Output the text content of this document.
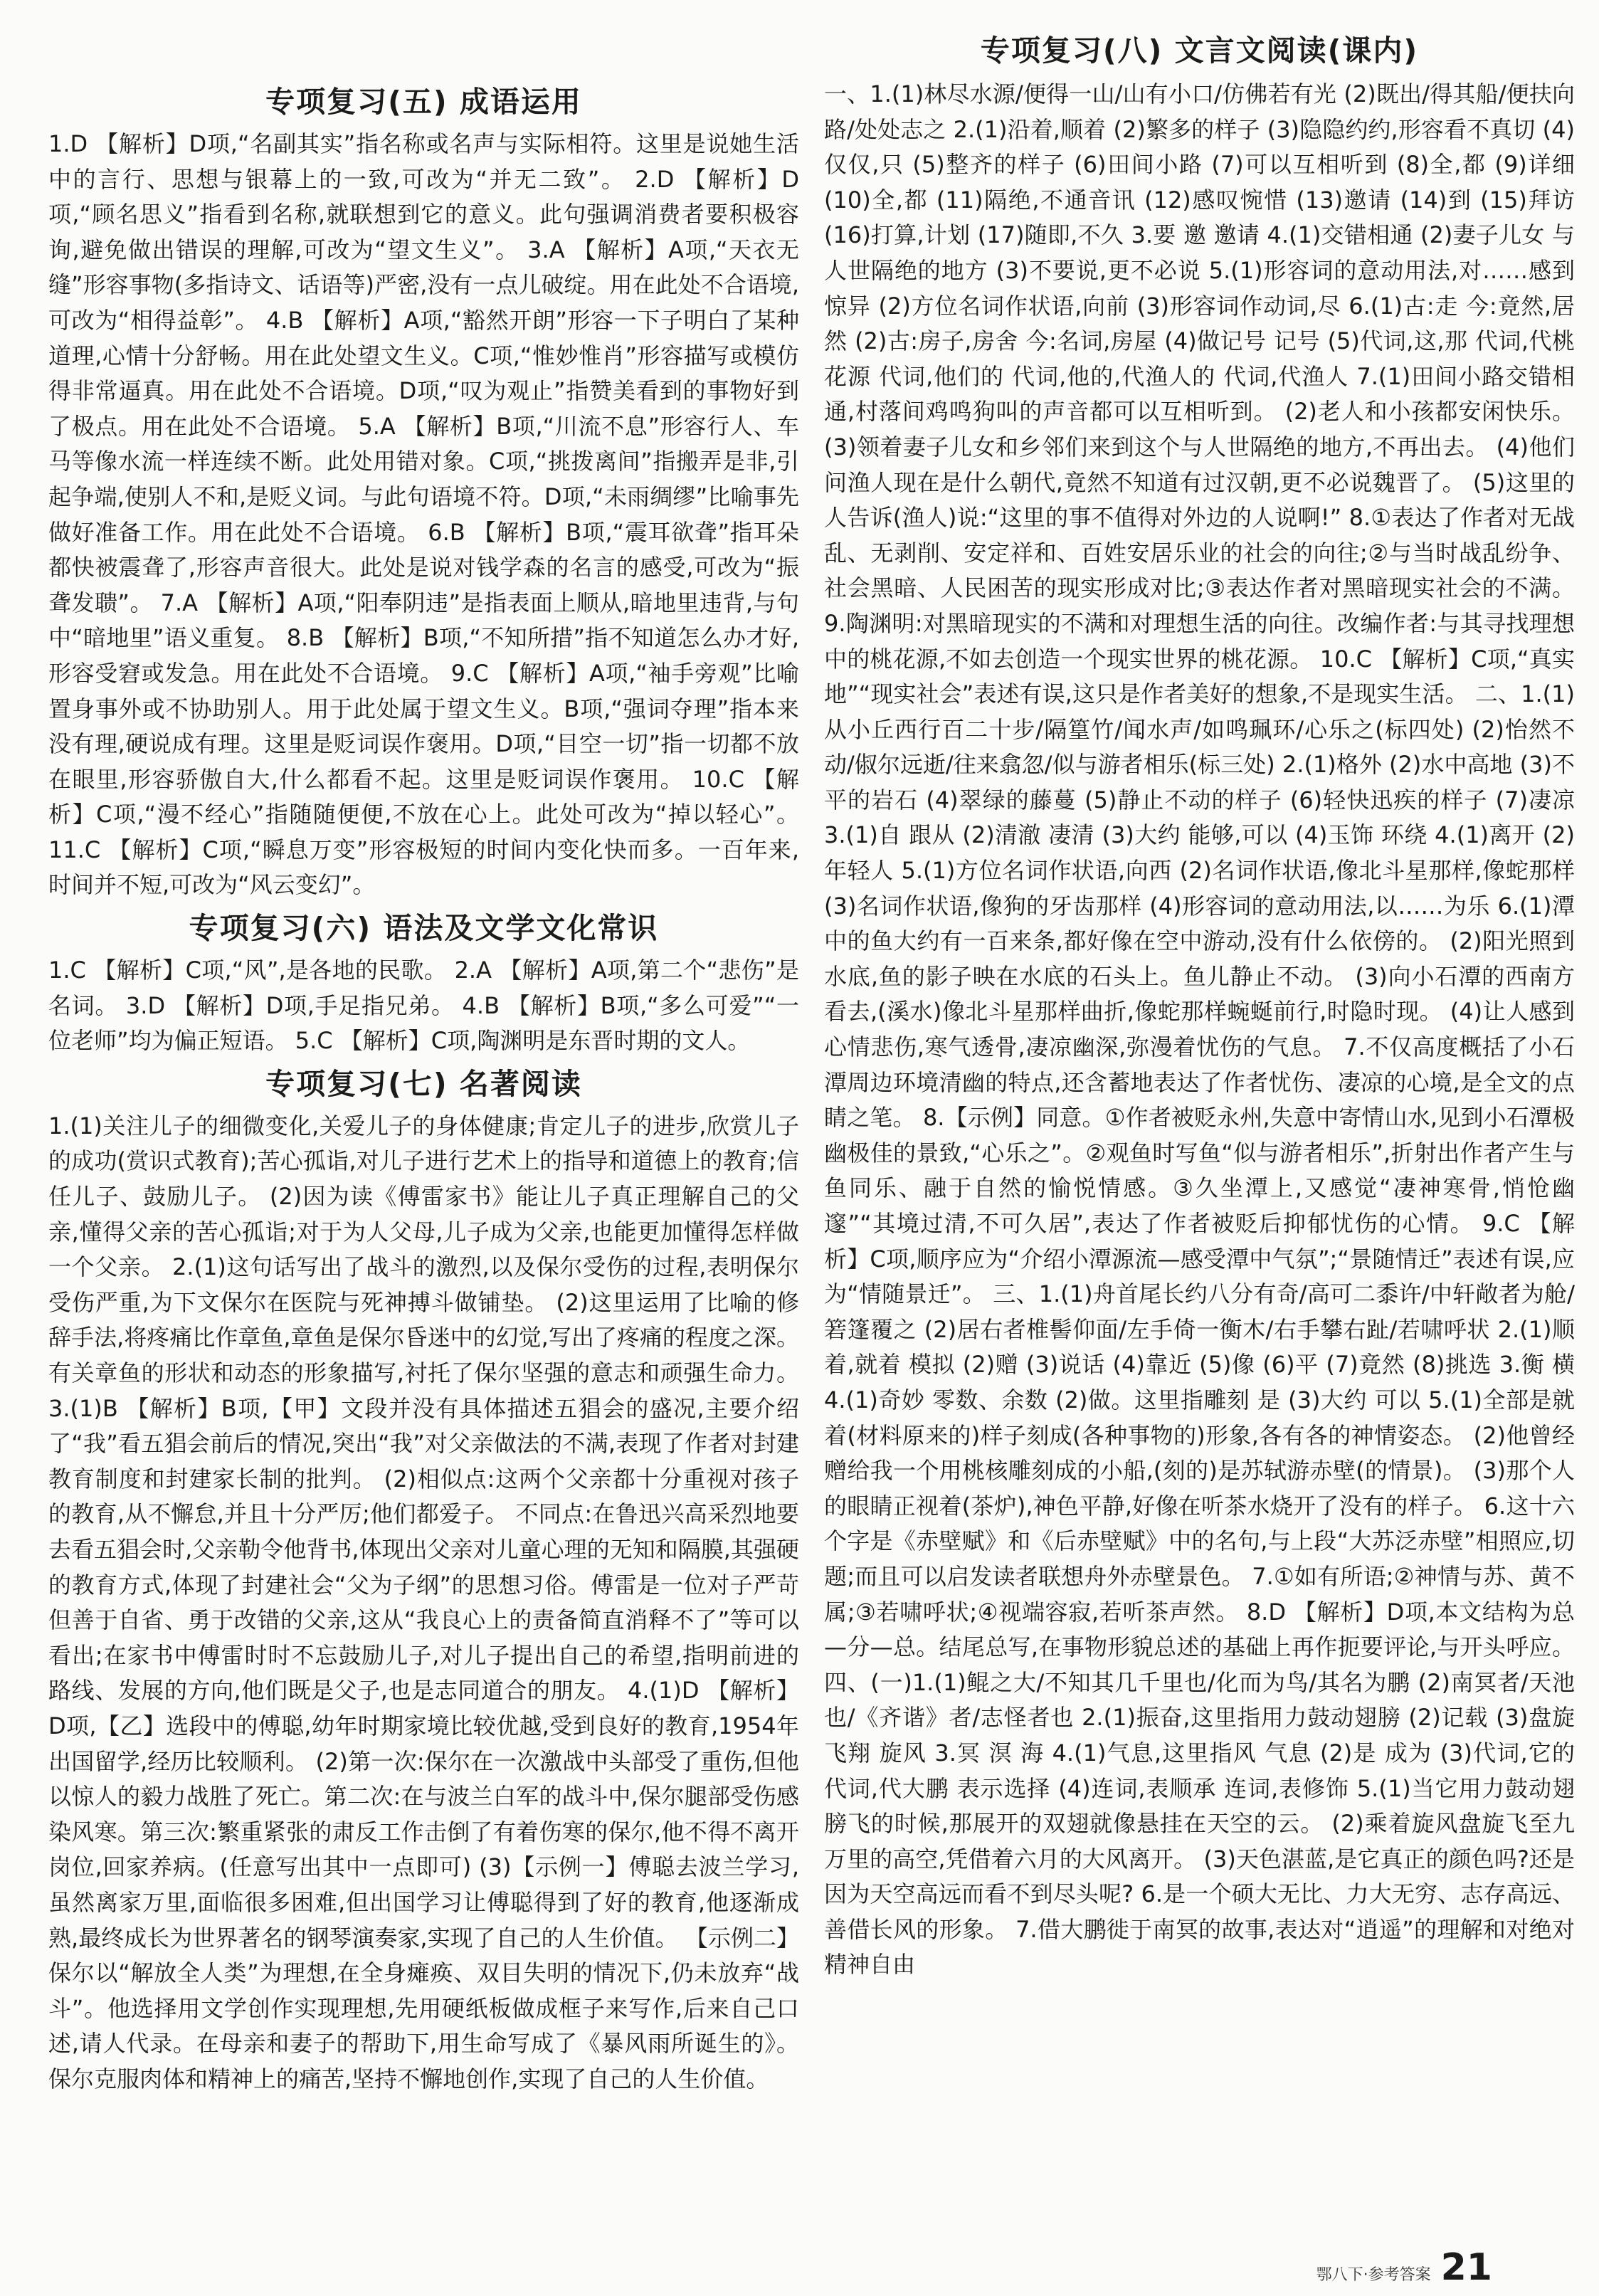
专项复习(五) 成语运用

1.D 【解析】D项,“名副其实”指名称或名声与实际相符。这里是说她生活中的言行、思想与银幕上的一致,可改为“并无二致”。 2.D 【解析】D项,“顾名思义”指看到名称,就联想到它的意义。此句强调消费者要积极容询,避免做出错误的理解,可改为“望文生义”。 3.A 【解析】A项,“天衣无缝”形容事物(多指诗文、话语等)严密,没有一点儿破绽。用在此处不合语境,可改为“相得益彰”。 4.B 【解析】A项,“豁然开朗”形容一下子明白了某种道理,心情十分舒畅。用在此处望文生义。C项,“惟妙惟肖”形容描写或模仿得非常逼真。用在此处不合语境。D项,“叹为观止”指赞美看到的事物好到了极点。用在此处不合语境。 5.A 【解析】B项,“川流不息”形容行人、车马等像水流一样连续不断。此处用错对象。C项,“挑拨离间”指搬弄是非,引起争端,使别人不和,是贬义词。与此句语境不符。D项,“未雨绸缪”比喻事先做好准备工作。用在此处不合语境。 6.B 【解析】B项,“震耳欲聋”指耳朵都快被震聋了,形容声音很大。此处是说对钱学森的名言的感受,可改为“振聋发聩”。 7.A 【解析】A项,“阳奉阴违”是指表面上顺从,暗地里违背,与句中“暗地里”语义重复。 8.B 【解析】B项,“不知所措”指不知道怎么办才好,形容受窘或发急。用在此处不合语境。 9.C 【解析】A项,“袖手旁观”比喻置身事外或不协助别人。用于此处属于望文生义。B项,“强词夺理”指本来没有理,硬说成有理。这里是贬词误作褒用。D项,“目空一切”指一切都不放在眼里,形容骄傲自大,什么都看不起。这里是贬词误作褒用。 10.C 【解析】C项,“漫不经心”指随随便便,不放在心上。此处可改为“掉以轻心”。 11.C 【解析】C项,“瞬息万变”形容极短的时间内变化快而多。一百年来,时间并不短,可改为“风云变幻”。

专项复习(六) 语法及文学文化常识

1.C 【解析】C项,“风”,是各地的民歌。 2.A 【解析】A项,第二个“悲伤”是名词。 3.D 【解析】D项,手足指兄弟。 4.B 【解析】B项,“多么可爱”“一位老师”均为偏正短语。 5.C 【解析】C项,陶渊明是东晋时期的文人。

专项复习(七) 名著阅读

1.(1)关注儿子的细微变化,关爱儿子的身体健康;肯定儿子的进步,欣赏儿子的成功(赏识式教育);苦心孤诣,对儿子进行艺术上的指导和道德上的教育;信任儿子、鼓励儿子。 (2)因为读《傅雷家书》能让儿子真正理解自己的父亲,懂得父亲的苦心孤诣;对于为人父母,儿子成为父亲,也能更加懂得怎样做一个父亲。 2.(1)这句话写出了战斗的激烈,以及保尔受伤的过程,表明保尔受伤严重,为下文保尔在医院与死神搏斗做铺垫。 (2)这里运用了比喻的修辞手法,将疼痛比作章鱼,章鱼是保尔昏迷中的幻觉,写出了疼痛的程度之深。有关章鱼的形状和动态的形象描写,衬托了保尔坚强的意志和顽强生命力。 3.(1)B 【解析】B项,【甲】文段并没有具体描述五猖会的盛况,主要介绍了“我”看五猖会前后的情况,突出“我”对父亲做法的不满,表现了作者对封建教育制度和封建家长制的批判。 (2)相似点:这两个父亲都十分重视对孩子的教育,从不懈怠,并且十分严厉;他们都爱子。 不同点:在鲁迅兴高采烈地要去看五猖会时,父亲勒令他背书,体现出父亲对儿童心理的无知和隔膜,其强硬的教育方式,体现了封建社会“父为子纲”的思想习俗。傅雷是一位对子严苛但善于自省、勇于改错的父亲,这从“我良心上的责备简直消释不了”等可以看出;在家书中傅雷时时不忘鼓励儿子,对儿子提出自己的希望,指明前进的路线、发展的方向,他们既是父子,也是志同道合的朋友。 4.(1)D 【解析】D项,【乙】选段中的傅聪,幼年时期家境比较优越,受到良好的教育,1954年出国留学,经历比较顺利。 (2)第一次:保尔在一次激战中头部受了重伤,但他以惊人的毅力战胜了死亡。第二次:在与波兰白军的战斗中,保尔腿部受伤感染风寒。第三次:繁重紧张的肃反工作击倒了有着伤寒的保尔,他不得不离开岗位,回家养病。(任意写出其中一点即可) (3)【示例一】傅聪去波兰学习,虽然离家万里,面临很多困难,但出国学习让傅聪得到了好的教育,他逐渐成熟,最终成长为世界著名的钢琴演奏家,实现了自己的人生价值。 【示例二】保尔以“解放全人类”为理想,在全身瘫痪、双目失明的情况下,仍未放弃“战斗”。他选择用文学创作实现理想,先用硬纸板做成框子来写作,后来自己口述,请人代录。在母亲和妻子的帮助下,用生命写成了《暴风雨所诞生的》。保尔克服肉体和精神上的痛苦,坚持不懈地创作,实现了自己的人生价值。

专项复习(八) 文言文阅读(课内)

一、1.(1)林尽水源/便得一山/山有小口/仿佛若有光 (2)既出/得其船/便扶向路/处处志之 2.(1)沿着,顺着 (2)繁多的样子 (3)隐隐约约,形容看不真切 (4)仅仅,只 (5)整齐的样子 (6)田间小路 (7)可以互相听到 (8)全,都 (9)详细 (10)全,都 (11)隔绝,不通音讯 (12)感叹惋惜 (13)邀请 (14)到 (15)拜访 (16)打算,计划 (17)随即,不久 3.要 邀 邀请 4.(1)交错相通 (2)妻子儿女 与人世隔绝的地方 (3)不要说,更不必说 5.(1)形容词的意动用法,对……感到惊异 (2)方位名词作状语,向前 (3)形容词作动词,尽 6.(1)古:走 今:竟然,居然 (2)古:房子,房舍 今:名词,房屋 (4)做记号 记号 (5)代词,这,那 代词,代桃花源 代词,他们的 代词,他的,代渔人的 代词,代渔人 7.(1)田间小路交错相通,村落间鸡鸣狗叫的声音都可以互相听到。 (2)老人和小孩都安闲快乐。 (3)领着妻子儿女和乡邻们来到这个与人世隔绝的地方,不再出去。 (4)他们问渔人现在是什么朝代,竟然不知道有过汉朝,更不必说魏晋了。 (5)这里的人告诉(渔人)说:“这里的事不值得对外边的人说啊!” 8.①表达了作者对无战乱、无剥削、安定祥和、百姓安居乐业的社会的向往;②与当时战乱纷争、社会黑暗、人民困苦的现实形成对比;③表达作者对黑暗现实社会的不满。 9.陶渊明:对黑暗现实的不满和对理想生活的向往。改编作者:与其寻找理想中的桃花源,不如去创造一个现实世界的桃花源。 10.C 【解析】C项,“真实地”“现实社会”表述有误,这只是作者美好的想象,不是现实生活。 二、1.(1)从小丘西行百二十步/隔篁竹/闻水声/如鸣珮环/心乐之(标四处) (2)怡然不动/俶尔远逝/往来翕忽/似与游者相乐(标三处) 2.(1)格外 (2)水中高地 (3)不平的岩石 (4)翠绿的藤蔓 (5)静止不动的样子 (6)轻快迅疾的样子 (7)凄凉 3.(1)自 跟从 (2)清澈 凄清 (3)大约 能够,可以 (4)玉饰 环绕 4.(1)离开 (2)年轻人 5.(1)方位名词作状语,向西 (2)名词作状语,像北斗星那样,像蛇那样 (3)名词作状语,像狗的牙齿那样 (4)形容词的意动用法,以……为乐 6.(1)潭中的鱼大约有一百来条,都好像在空中游动,没有什么依傍的。 (2)阳光照到水底,鱼的影子映在水底的石头上。鱼儿静止不动。 (3)向小石潭的西南方看去,(溪水)像北斗星那样曲折,像蛇那样蜿蜒前行,时隐时现。 (4)让人感到心情悲伤,寒气透骨,凄凉幽深,弥漫着忧伤的气息。 7.不仅高度概括了小石潭周边环境清幽的特点,还含蓄地表达了作者忧伤、凄凉的心境,是全文的点睛之笔。 8.【示例】同意。①作者被贬永州,失意中寄情山水,见到小石潭极幽极佳的景致,“心乐之”。②观鱼时写鱼“似与游者相乐”,折射出作者产生与鱼同乐、融于自然的愉悦情感。③久坐潭上,又感觉“凄神寒骨,悄怆幽邃”“其境过清,不可久居”,表达了作者被贬后抑郁忧伤的心情。 9.C 【解析】C项,顺序应为“介绍小潭源流—感受潭中气氛”;“景随情迁”表述有误,应为“情随景迁”。 三、1.(1)舟首尾长约八分有奇/高可二黍许/中轩敞者为舱/箬篷覆之 (2)居右者椎髻仰面/左手倚一衡木/右手攀右趾/若啸呼状 2.(1)顺着,就着 模拟 (2)赠 (3)说话 (4)靠近 (5)像 (6)平 (7)竟然 (8)挑选 3.衡 横 4.(1)奇妙 零数、余数 (2)做。这里指雕刻 是 (3)大约 可以 5.(1)全部是就着(材料原来的)样子刻成(各种事物的)形象,各有各的神情姿态。 (2)他曾经赠给我一个用桃核雕刻成的小船,(刻的)是苏轼游赤壁(的情景)。 (3)那个人的眼睛正视着(茶炉),神色平静,好像在听茶水烧开了没有的样子。 6.这十六个字是《赤壁赋》和《后赤壁赋》中的名句,与上段“大苏泛赤壁”相照应,切题;而且可以启发读者联想舟外赤壁景色。 7.①如有所语;②神情与苏、黄不属;③若啸呼状;④视端容寂,若听茶声然。 8.D 【解析】D项,本文结构为总—分—总。结尾总写,在事物形貌总述的基础上再作扼要评论,与开头呼应。 四、(一)1.(1)鲲之大/不知其几千里也/化而为鸟/其名为鹏 (2)南冥者/天池也/《齐谐》者/志怪者也 2.(1)振奋,这里指用力鼓动翅膀 (2)记载 (3)盘旋飞翔 旋风 3.冥 溟 海 4.(1)气息,这里指风 气息 (2)是 成为 (3)代词,它的 代词,代大鹏 表示选择 (4)连词,表顺承 连词,表修饰 5.(1)当它用力鼓动翅膀飞的时候,那展开的双翅就像悬挂在天空的云。 (2)乘着旋风盘旋飞至九万里的高空,凭借着六月的大风离开。 (3)天色湛蓝,是它真正的颜色吗?还是因为天空高远而看不到尽头呢? 6.是一个硕大无比、力大无穷、志存高远、善借长风的形象。 7.借大鹏徙于南冥的故事,表达对“逍遥”的理解和对绝对精神自由

鄂八下·参考答案 21
